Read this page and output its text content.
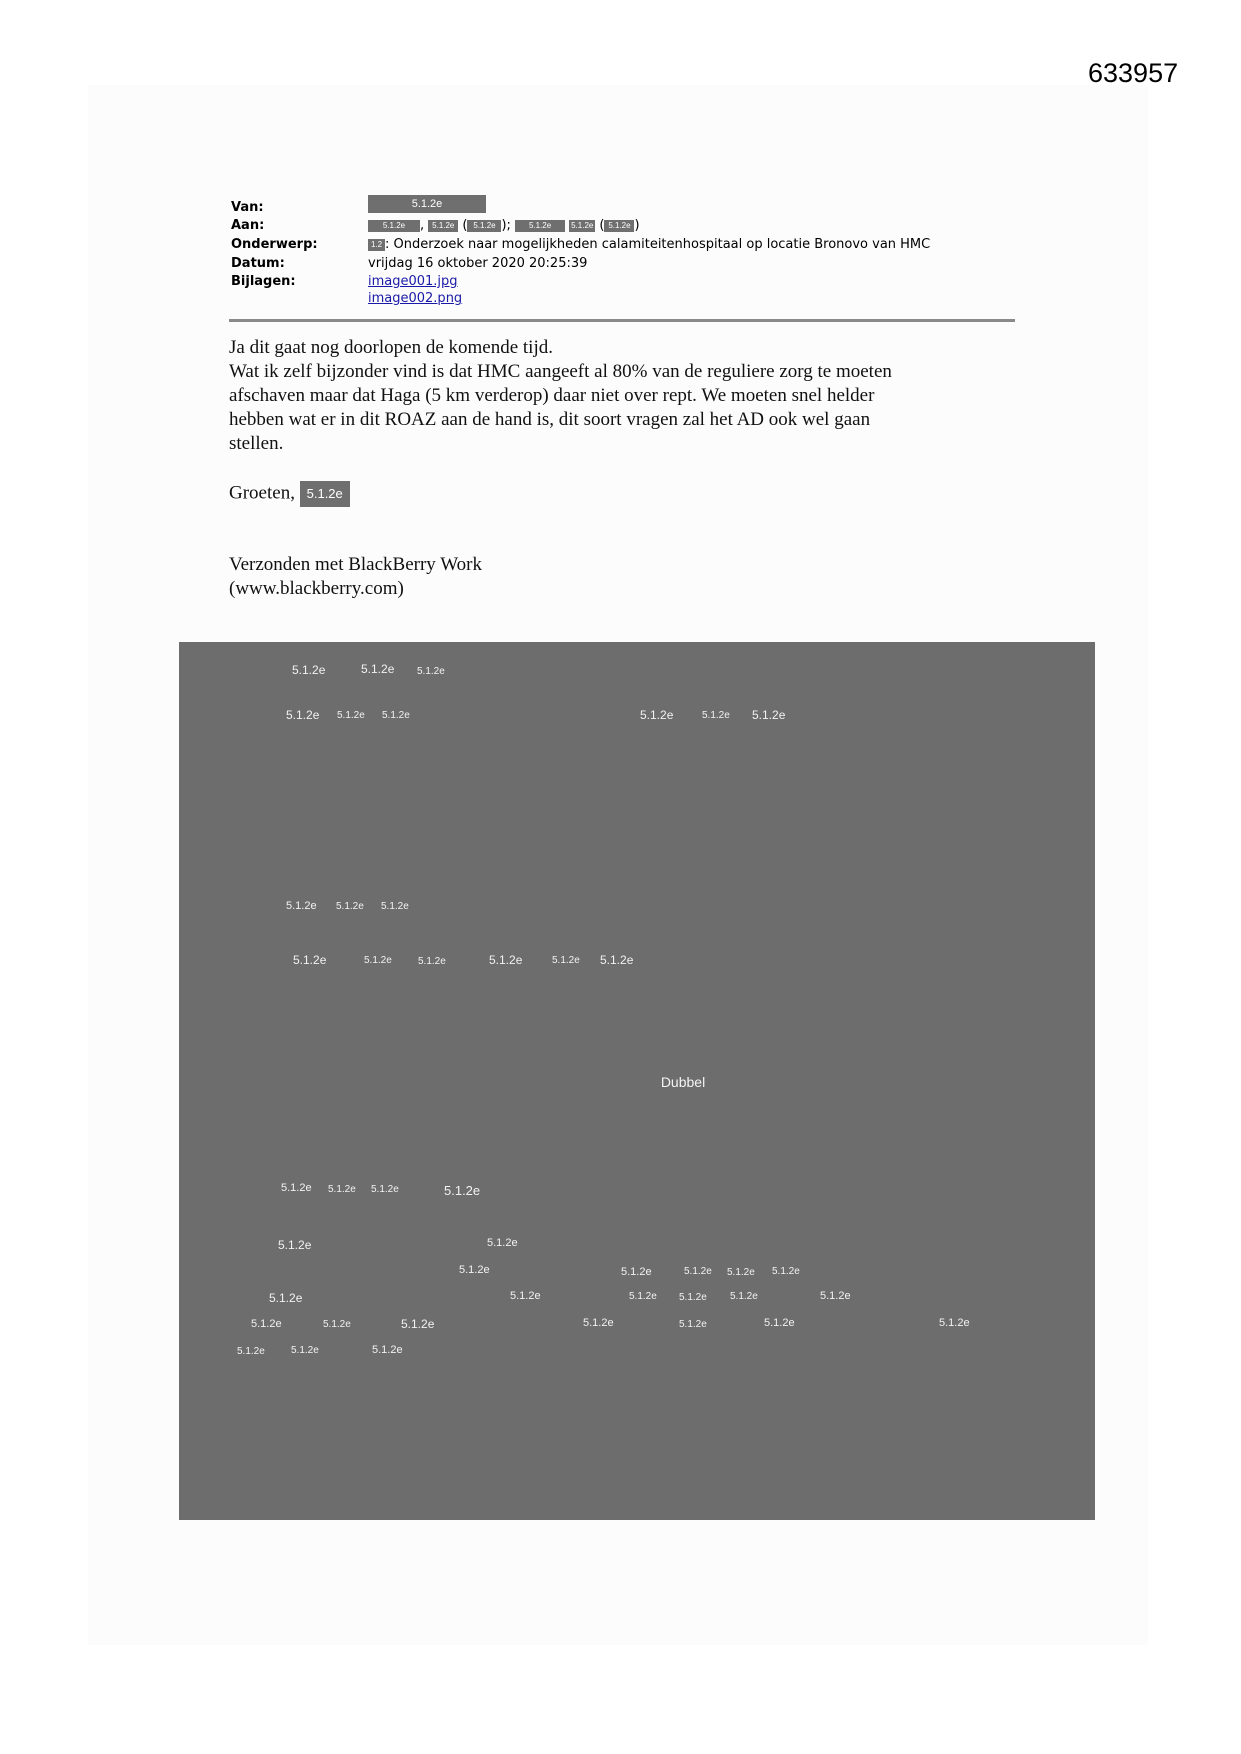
633957
Van:	5.1.2e
Aan:	5.1.2e , 5.1.2e ( 5.1.2e ); 5.1.2e 5.1.2e ( 5.1.2e )
Onderwerp:	1.2 : Onderzoek naar mogelijkheden calamiteitenhospitaal op locatie Bronovo van HMC
Datum:	vrijdag 16 oktober 2020 20:25:39
Bijlagen:	image001.jpg
image002.png
Ja dit gaat nog doorlopen de komende tijd.
Wat ik zelf bijzonder vind is dat HMC aangeeft al 80% van de reguliere zorg te moeten
afschaven maar dat Haga (5 km verderop) daar niet over rept. We moeten snel helder
hebben wat er in dit ROAZ aan de hand is, dit soort vragen zal het AD ook wel gaan
stellen.
Groeten, 5.1.2e
Verzonden met BlackBerry Work
(www.blackberry.com)
5.1.2e	5.1.2e 5.1.2e
5.1.2e 5.1.2e 5.1.2e	5.1.2e	5.1.2e 5.1.2e
5.1.2e 5.1.2e 5.1.2e
5.1.2e	5.1.2e	5.1.2e	5.1.2e	5.1.2e 5.1.2e
Dubbel
5.1.2e 5.1.2e 5.1.2e	5.1.2e
5.1.2e	5.1.2e
5.1.2e	5.1.2e	5.1.2e 5.1.2e 5.1.2e
5.1.2e	5.1.2e	5.1.2e 5.1.2e 5.1.2e	5.1.2e
5.1.2e	5.1.2e	5.1.2e	5.1.2e	5.1.2e	5.1.2e	5.1.2e
5.1.2e	5.1.2e	5.1.2e
